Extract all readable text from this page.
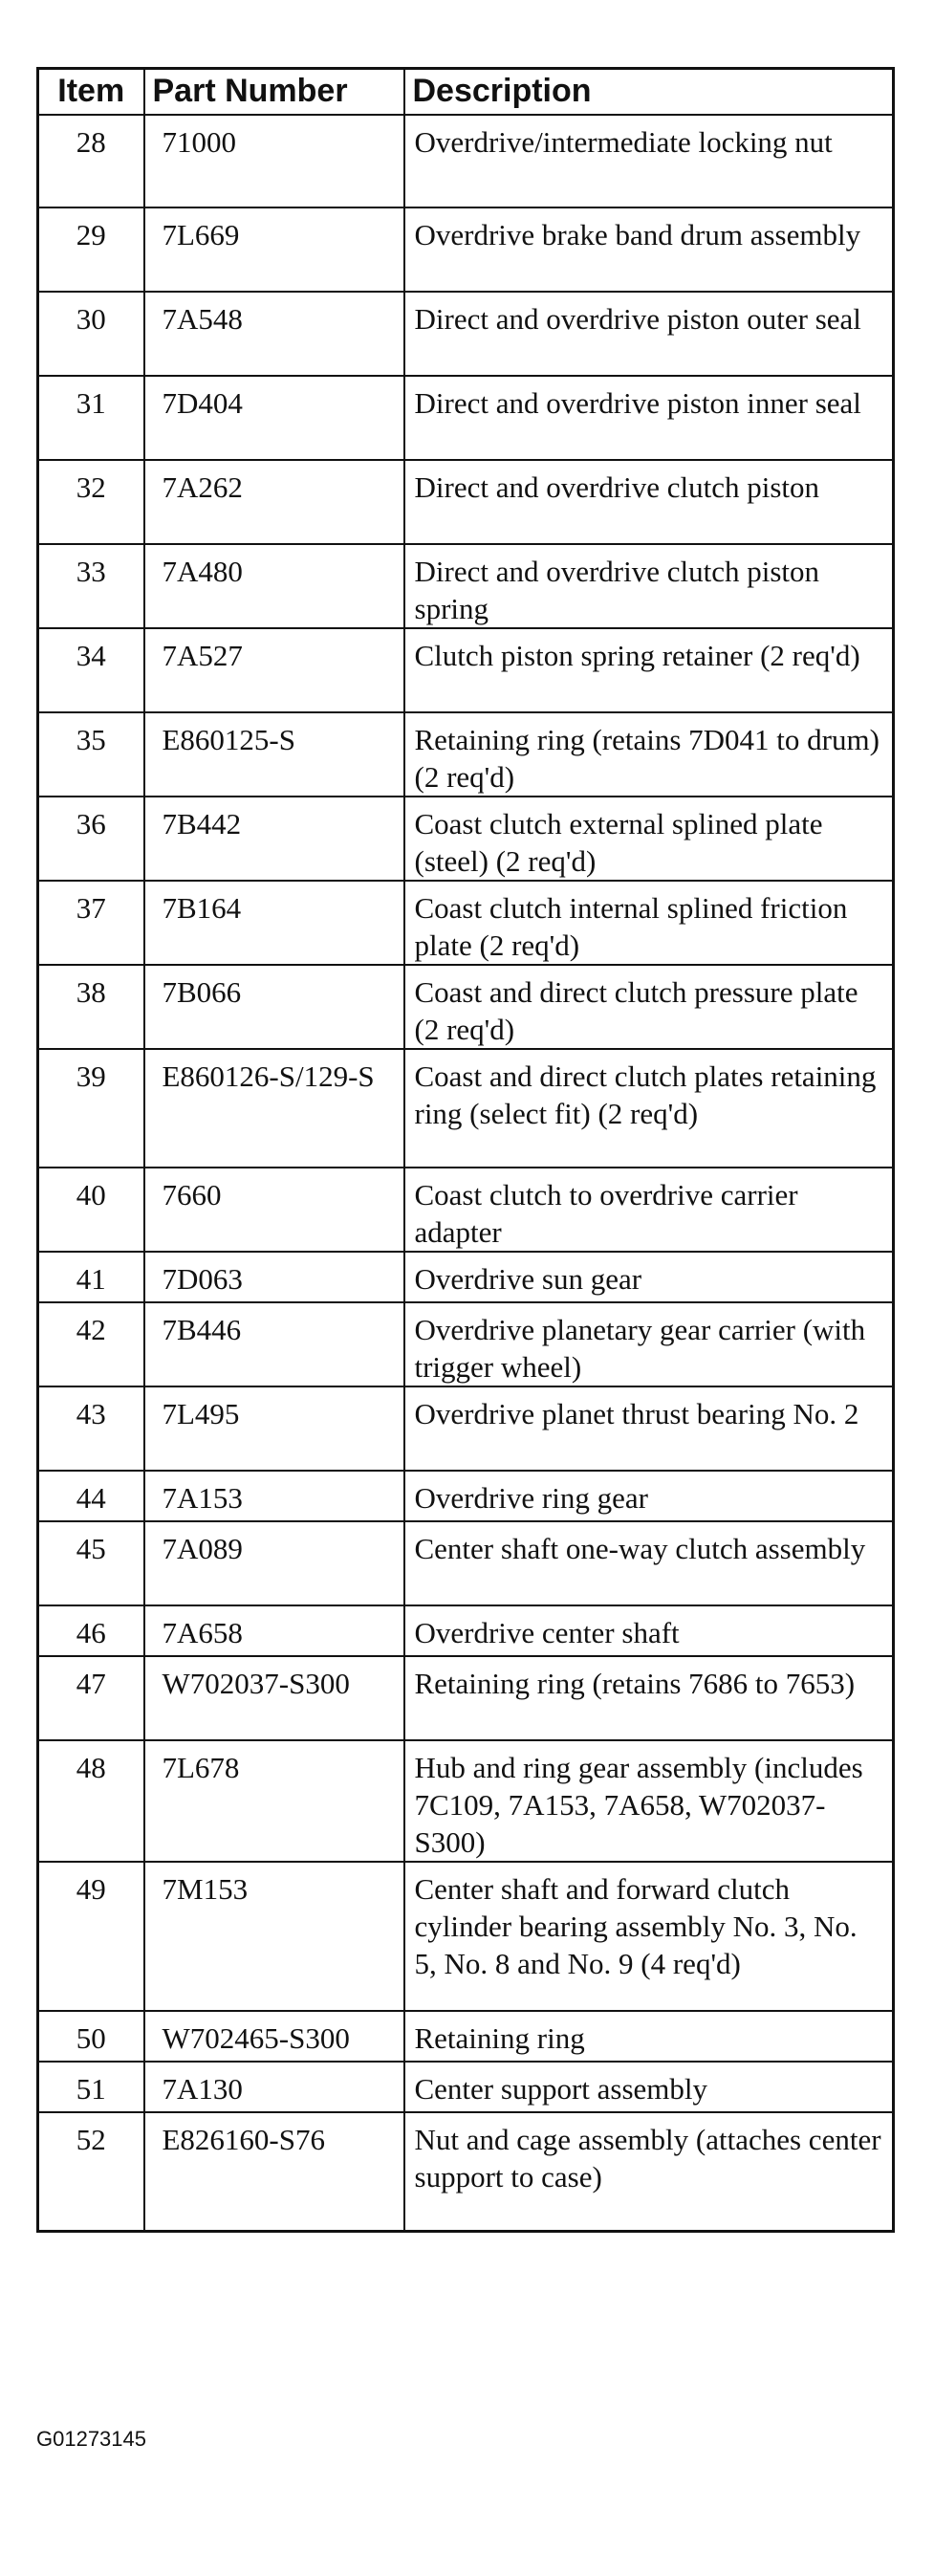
Item	Part Number	Description
28	71000	Overdrive/intermediate locking nut
29	7L669	Overdrive brake band drum assembly
30	7A548	Direct and overdrive piston outer seal
31	7D404	Direct and overdrive piston inner seal
32	7A262	Direct and overdrive clutch piston
33	7A480	Direct and overdrive clutch piston spring
34	7A527	Clutch piston spring retainer (2 req'd)
35	E860125-S	Retaining ring (retains 7D041 to drum) (2 req'd)
36	7B442	Coast clutch external splined plate (steel) (2 req'd)
37	7B164	Coast clutch internal splined friction plate (2 req'd)
38	7B066	Coast and direct clutch pressure plate (2 req'd)
39	E860126-S/129-S	Coast and direct clutch plates retaining ring (select fit) (2 req'd)
40	7660	Coast clutch to overdrive carrier adapter
41	7D063	Overdrive sun gear
42	7B446	Overdrive planetary gear carrier (with trigger wheel)
43	7L495	Overdrive planet thrust bearing No. 2
44	7A153	Overdrive ring gear
45	7A089	Center shaft one-way clutch assembly
46	7A658	Overdrive center shaft
47	W702037-S300	Retaining ring (retains 7686 to 7653)
48	7L678	Hub and ring gear assembly (includes 7C109, 7A153, 7A658, W702037-S300)
49	7M153	Center shaft and forward clutch cylinder bearing assembly No. 3, No. 5, No. 8 and No. 9 (4 req'd)
50	W702465-S300	Retaining ring
51	7A130	Center support assembly
52	E826160-S76	Nut and cage assembly (attaches center support to case)
G01273145
